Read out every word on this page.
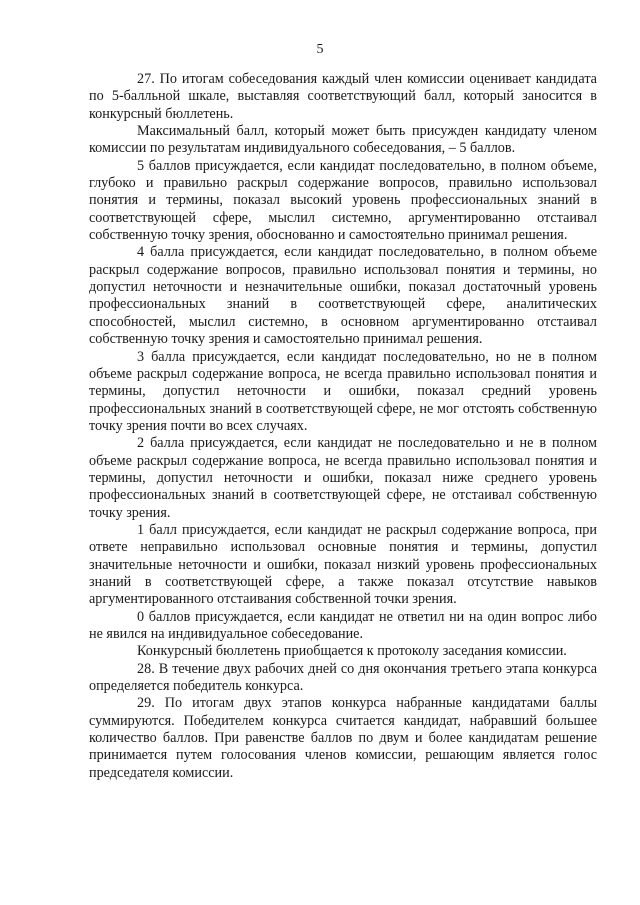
5

27. По итогам собеседования каждый член комиссии оценивает кандидата по 5-балльной шкале, выставляя соответствующий балл, который заносится в конкурсный бюллетень.

Максимальный балл, который может быть присужден кандидату членом комиссии по результатам индивидуального собеседования, – 5 баллов.

5 баллов присуждается, если кандидат последовательно, в полном объеме, глубоко и правильно раскрыл содержание вопросов, правильно использовал понятия и термины, показал высокий уровень профессиональных знаний в соответствующей сфере, мыслил системно, аргументированно отстаивал собственную точку зрения, обоснованно и самостоятельно принимал решения.

4 балла присуждается, если кандидат последовательно, в полном объеме раскрыл содержание вопросов, правильно использовал понятия и термины, но допустил неточности и незначительные ошибки, показал достаточный уровень профессиональных знаний в соответствующей сфере, аналитических способностей, мыслил системно, в основном аргументированно отстаивал собственную точку зрения и самостоятельно принимал решения.

3 балла присуждается, если кандидат последовательно, но не в полном объеме раскрыл содержание вопроса, не всегда правильно использовал понятия и термины, допустил неточности и ошибки, показал средний уровень профессиональных знаний в соответствующей сфере, не мог отстоять собственную точку зрения почти во всех случаях.

2 балла присуждается, если кандидат не последовательно и не в полном объеме раскрыл содержание вопроса, не всегда правильно использовал понятия и термины, допустил неточности и ошибки, показал ниже среднего уровень профессиональных знаний в соответствующей сфере, не отстаивал собственную точку зрения.

1 балл присуждается, если кандидат не раскрыл содержание вопроса, при ответе неправильно использовал основные понятия и термины, допустил значительные неточности и ошибки, показал низкий уровень профессиональных знаний в соответствующей сфере, а также показал отсутствие навыков аргументированного отстаивания собственной точки зрения.

0 баллов присуждается, если кандидат не ответил ни на один вопрос либо не явился на индивидуальное собеседование.

Конкурсный бюллетень приобщается к протоколу заседания комиссии.

28. В течение двух рабочих дней со дня окончания третьего этапа конкурса определяется победитель конкурса.

29. По итогам двух этапов конкурса набранные кандидатами баллы суммируются. Победителем конкурса считается кандидат, набравший большее количество баллов. При равенстве баллов по двум и более кандидатам решение принимается путем голосования членов комиссии, решающим является голос председателя комиссии.
